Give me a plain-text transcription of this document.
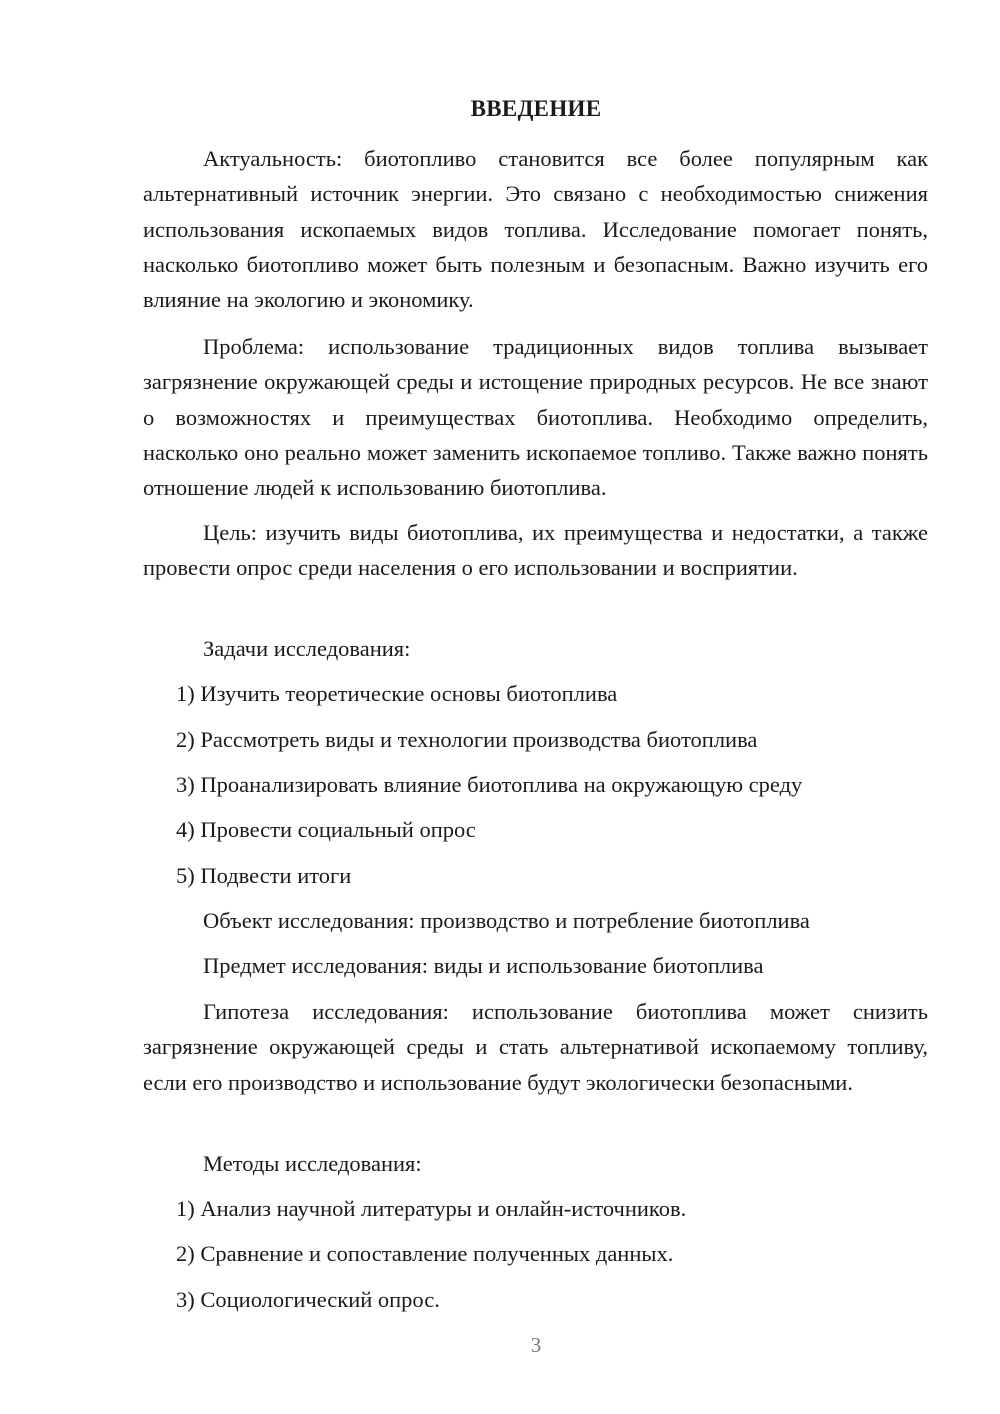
ВВЕДЕНИЕ
Актуальность: биотопливо становится все более популярным как альтернативный источник энергии. Это связано с необходимостью снижения использования ископаемых видов топлива. Исследование помогает понять, насколько биотопливо может быть полезным и безопасным. Важно изучить его влияние на экологию и экономику.
Проблема: использование традиционных видов топлива вызывает загрязнение окружающей среды и истощение природных ресурсов. Не все знают о возможностях и преимуществах биотоплива. Необходимо определить, насколько оно реально может заменить ископаемое топливо. Также важно понять отношение людей к использованию биотоплива.
Цель: изучить виды биотоплива, их преимущества и недостатки, а также провести опрос среди населения о его использовании и восприятии.
Задачи исследования:
1) Изучить теоретические основы биотоплива
2) Рассмотреть виды и технологии производства биотоплива
3) Проанализировать влияние биотоплива на окружающую среду
4) Провести социальный опрос
5) Подвести итоги
Объект исследования: производство и потребление биотоплива
Предмет исследования: виды и использование биотоплива
Гипотеза исследования: использование биотоплива может снизить загрязнение окружающей среды и стать альтернативой ископаемому топливу, если его производство и использование будут экологически безопасными.
Методы исследования:
1) Анализ научной литературы и онлайн-источников.
2) Сравнение и сопоставление полученных данных.
3) Социологический опрос.
3
